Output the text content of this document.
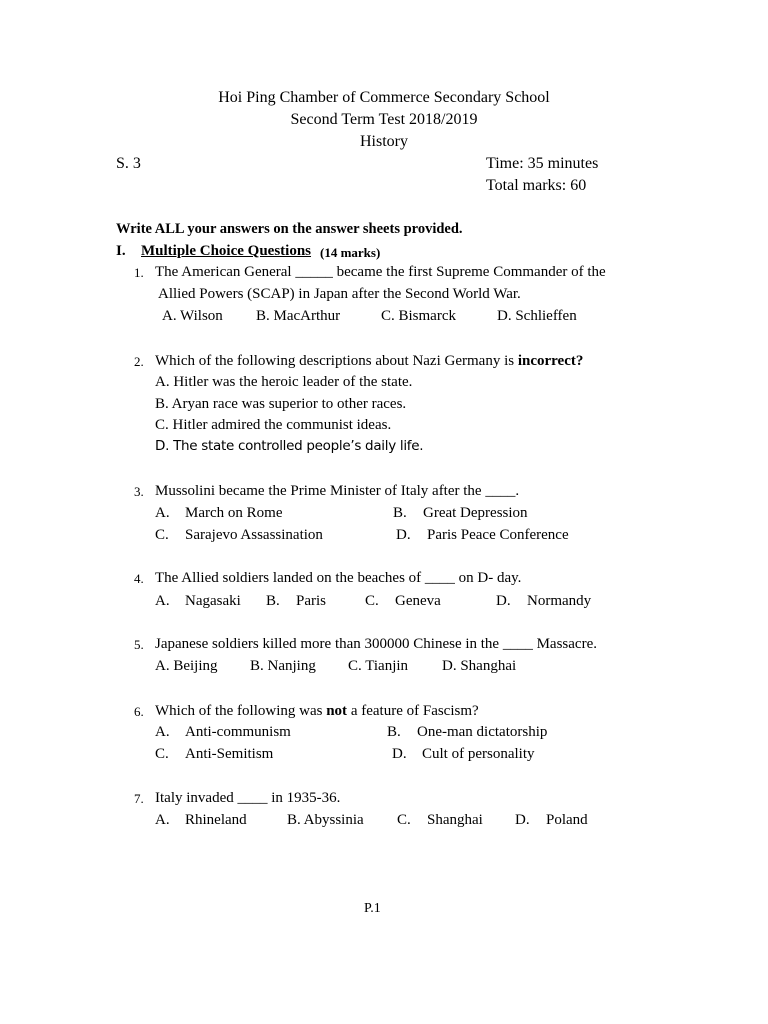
Hoi Ping Chamber of Commerce Secondary School
Second Term Test 2018/2019
History
S. 3	Time: 35 minutes
Total marks: 60
Write ALL your answers on the answer sheets provided.
I. Multiple Choice Questions (14 marks)
1. The American General _____ became the first Supreme Commander of the
Allied Powers (SCAP) in Japan after the Second World War.
A. Wilson B. MacArthur	C. Bismarck	D. Schlieffen
2. Which of the following descriptions about Nazi Germany is incorrect?
A. Hitler was the heroic leader of the state.
B. Aryan race was superior to other races.
C. Hitler admired the communist ideas.
D. The state controlled people’s daily life.
3. Mussolini became the Prime Minister of Italy after the ____.
A. March on Rome	B. Great Depression
C. Sarajevo Assassination	D. Paris Peace Conference
4. The Allied soldiers landed on the beaches of ____ on D- day.
A. Nagasaki B. Paris	C. Geneva	D. Normandy
5. Japanese soldiers killed more than 300000 Chinese in the ____ Massacre.
A. Beijing B. Nanjing C. Tianjin D. Shanghai
6. Which of the following was not a feature of Fascism?
A. Anti-communism	B. One-man dictatorship
C. Anti-Semitism	D. Cult of personality
7. Italy invaded ____ in 1935-36.
A. Rhineland	B. Abyssinia C. Shanghai D. Poland
P.1
